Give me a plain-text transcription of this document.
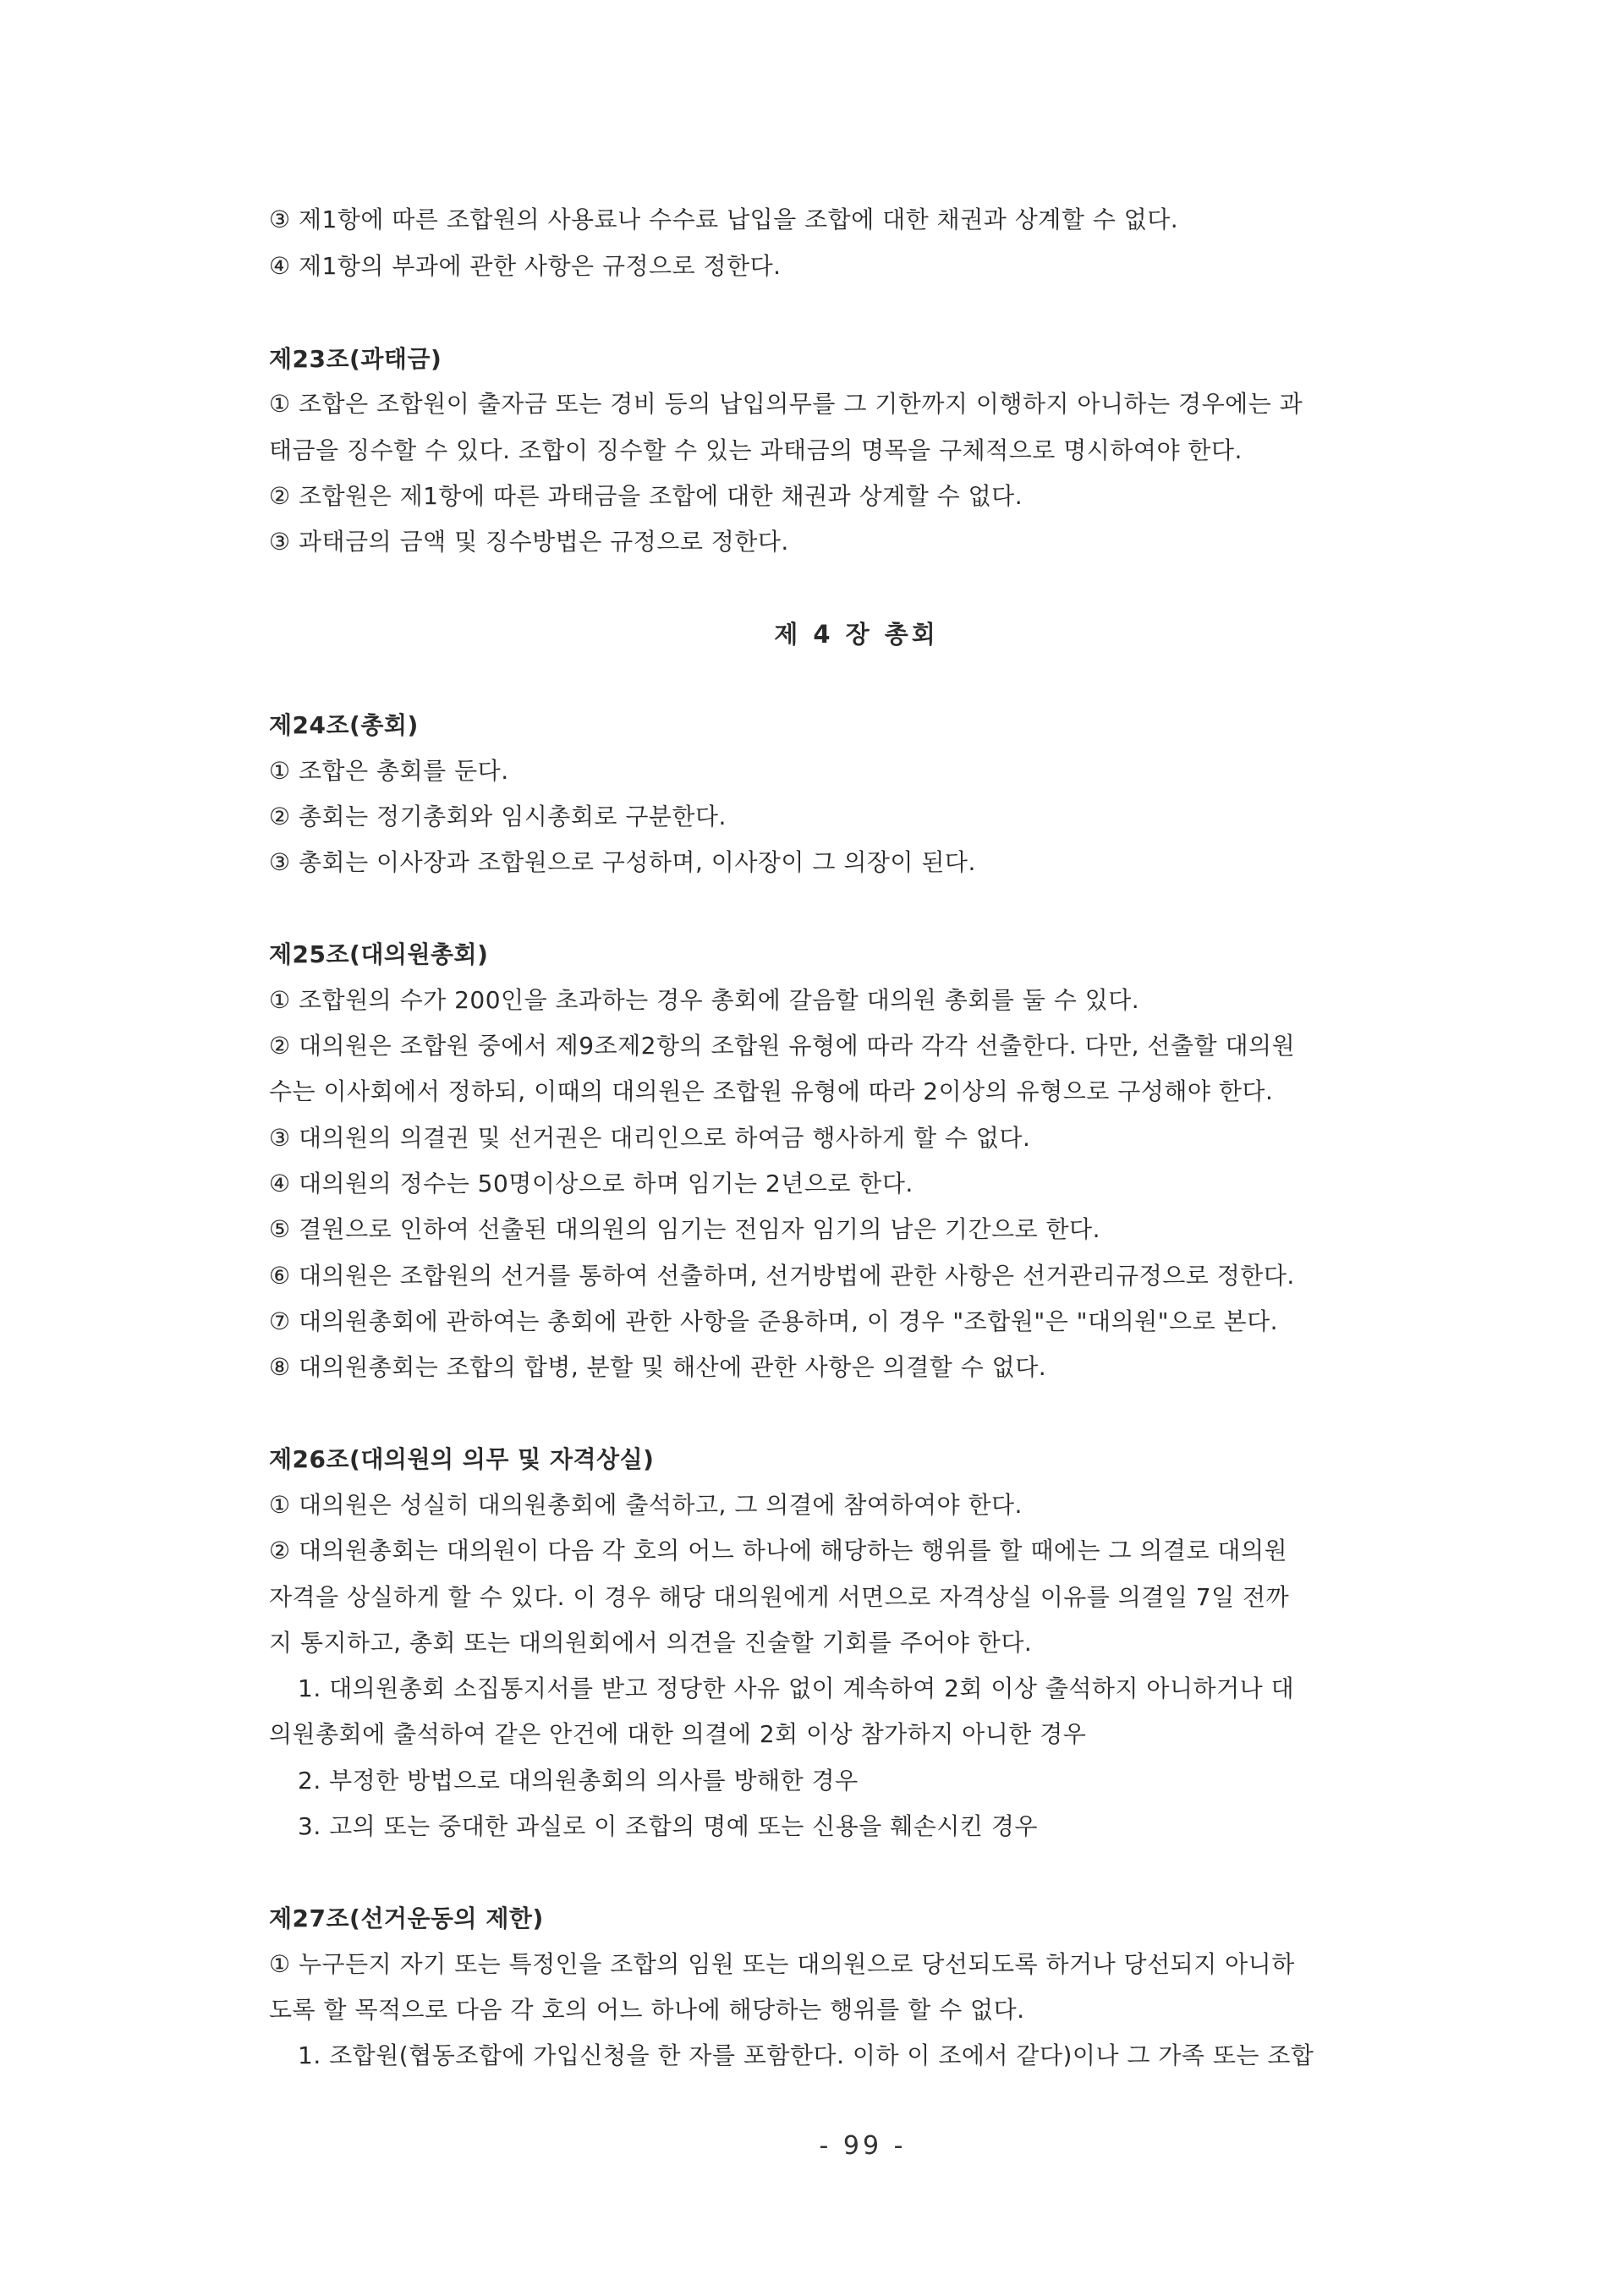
③ 제1항에 따른 조합원의 사용료나 수수료 납입을 조합에 대한 채권과 상계할 수 없다.
④ 제1항의 부과에 관한 사항은 규정으로 정한다.
제23조(과태금)
① 조합은 조합원이 출자금 또는 경비 등의 납입의무를 그 기한까지 이행하지 아니하는 경우에는 과
태금을 징수할 수 있다. 조합이 징수할 수 있는 과태금의 명목을 구체적으로 명시하여야 한다.
② 조합원은 제1항에 따른 과태금을 조합에 대한 채권과 상계할 수 없다.
③ 과태금의 금액 및 징수방법은 규정으로 정한다.
제 4 장 총회
제24조(총회)
① 조합은 총회를 둔다.
② 총회는 정기총회와 임시총회로 구분한다.
③ 총회는 이사장과 조합원으로 구성하며, 이사장이 그 의장이 된다.
제25조(대의원총회)
① 조합원의 수가 200인을 초과하는 경우 총회에 갈음할 대의원 총회를 둘 수 있다.
② 대의원은 조합원 중에서 제9조제2항의 조합원 유형에 따라 각각 선출한다. 다만, 선출할 대의원
수는 이사회에서 정하되, 이때의 대의원은 조합원 유형에 따라 2이상의 유형으로 구성해야 한다.
③ 대의원의 의결권 및 선거권은 대리인으로 하여금 행사하게 할 수 없다.
④ 대의원의 정수는 50명이상으로 하며 임기는 2년으로 한다.
⑤ 결원으로 인하여 선출된 대의원의 임기는 전임자 임기의 남은 기간으로 한다.
⑥ 대의원은 조합원의 선거를 통하여 선출하며, 선거방법에 관한 사항은 선거관리규정으로 정한다.
⑦ 대의원총회에 관하여는 총회에 관한 사항을 준용하며, 이 경우 "조합원"은 "대의원"으로 본다.
⑧ 대의원총회는 조합의 합병, 분할 및 해산에 관한 사항은 의결할 수 없다.
제26조(대의원의 의무 및 자격상실)
① 대의원은 성실히 대의원총회에 출석하고, 그 의결에 참여하여야 한다.
② 대의원총회는 대의원이 다음 각 호의 어느 하나에 해당하는 행위를 할 때에는 그 의결로 대의원
자격을 상실하게 할 수 있다. 이 경우 해당 대의원에게 서면으로 자격상실 이유를 의결일 7일 전까
지 통지하고, 총회 또는 대의원회에서 의견을 진술할 기회를 주어야 한다.
1. 대의원총회 소집통지서를 받고 정당한 사유 없이 계속하여 2회 이상 출석하지 아니하거나 대
의원총회에 출석하여 같은 안건에 대한 의결에 2회 이상 참가하지 아니한 경우
2. 부정한 방법으로 대의원총회의 의사를 방해한 경우
3. 고의 또는 중대한 과실로 이 조합의 명예 또는 신용을 훼손시킨 경우
제27조(선거운동의 제한)
① 누구든지 자기 또는 특정인을 조합의 임원 또는 대의원으로 당선되도록 하거나 당선되지 아니하
도록 할 목적으로 다음 각 호의 어느 하나에 해당하는 행위를 할 수 없다.
1. 조합원(협동조합에 가입신청을 한 자를 포함한다. 이하 이 조에서 같다)이나 그 가족 또는 조합
- 99 -
